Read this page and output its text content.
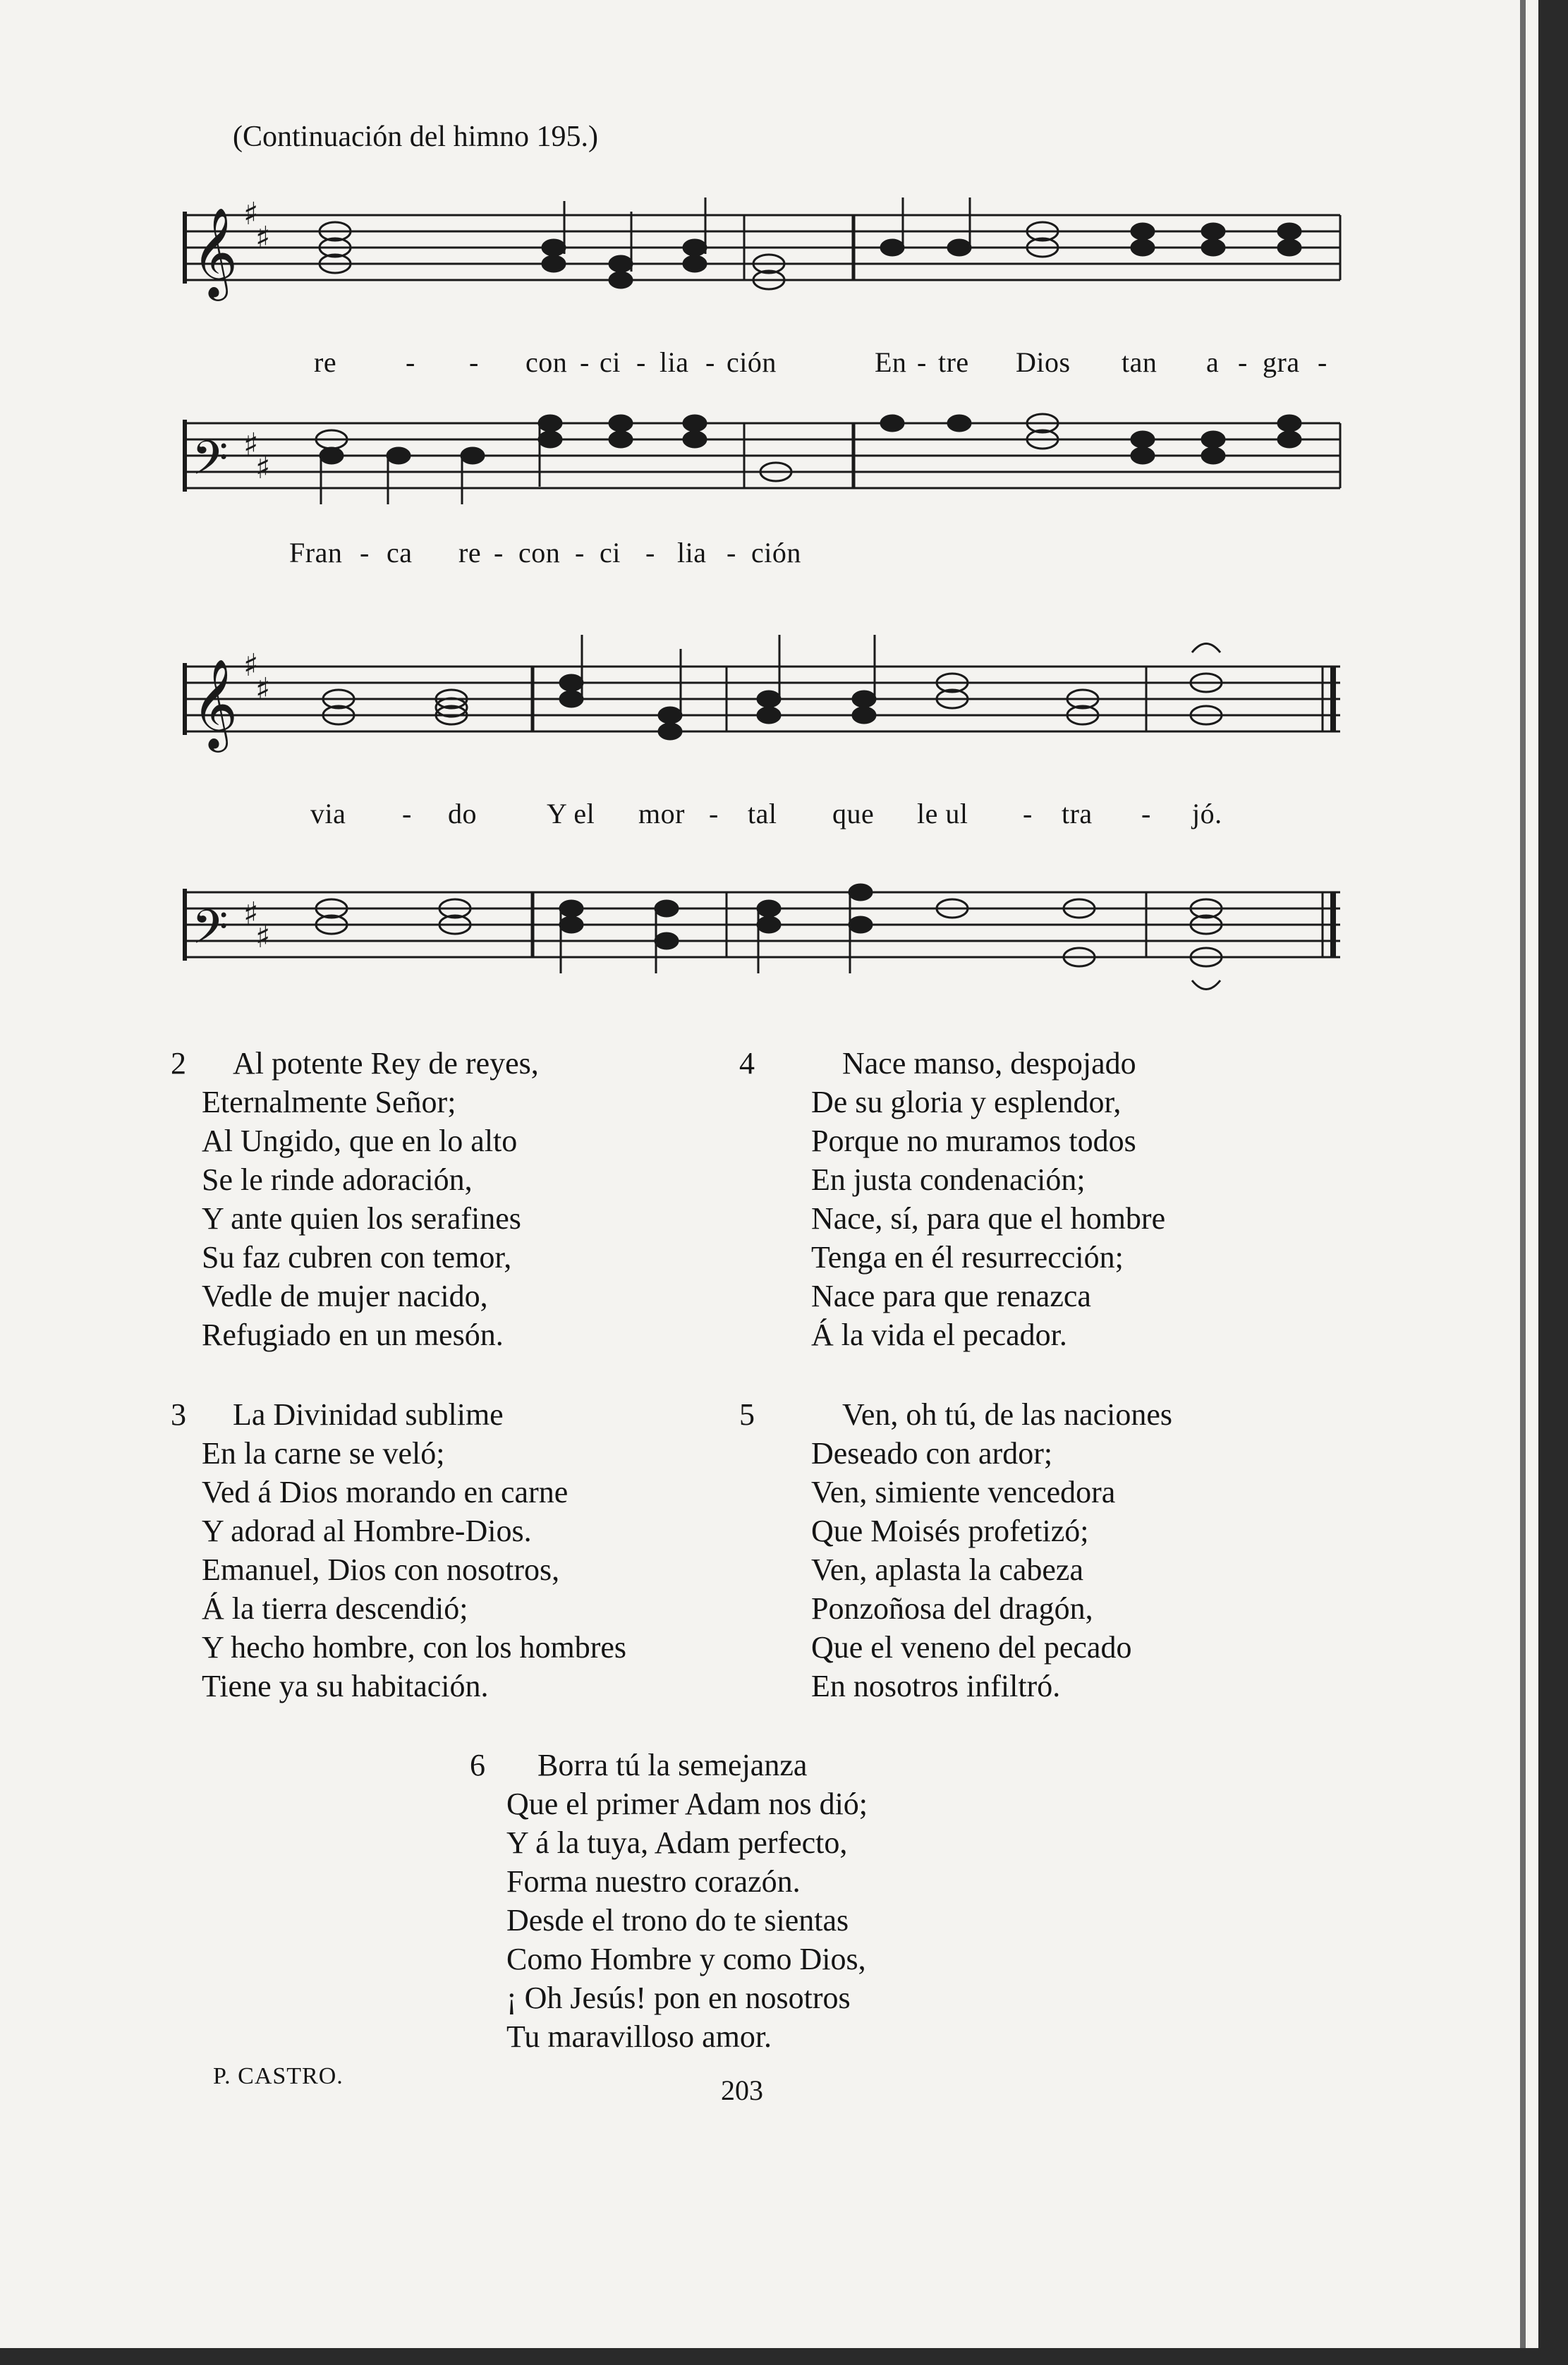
(Continuación del himno 195.)
𝄞
𝄢
𝄞
𝄢
♯
♯
♯
♯
♯
♯
♯
♯
re - - con - ci - lia - ción	En - tre Dios tan a - gra -
Fran - ca re - con - ci - lia - ción
via - do Y el mor - tal que le ul - tra - jó.
2	Al potente Rey de reyes,
Eternalmente Señor;
Al Ungido, que en lo alto
Se le rinde adoración,
Y ante quien los serafines
Su faz cubren con temor,
Vedle de mujer nacido,
Refugiado en un mesón.
3	La Divinidad sublime
En la carne se veló;
Ved á Dios morando en carne
Y adorad al Hombre-Dios.
Emanuel, Dios con nosotros,
Á la tierra descendió;
Y hecho hombre, con los hombres
Tiene ya su habitación.
4	Nace manso, despojado
De su gloria y esplendor,
Porque no muramos todos
En justa condenación;
Nace, sí, para que el hombre
Tenga en él resurrección;
Nace para que renazca
Á la vida el pecador.
5	Ven, oh tú, de las naciones
Deseado con ardor;
Ven, simiente vencedora
Que Moisés profetizó;
Ven, aplasta la cabeza
Ponzoñosa del dragón,
Que el veneno del pecado
En nosotros infiltró.
6	Borra tú la semejanza
Que el primer Adam nos dió;
Y á la tuya, Adam perfecto,
Forma nuestro corazón.
Desde el trono do te sientas
Como Hombre y como Dios,
¡ Oh Jesús! pon en nosotros
Tu maravilloso amor.
P. CASTRO.	203
